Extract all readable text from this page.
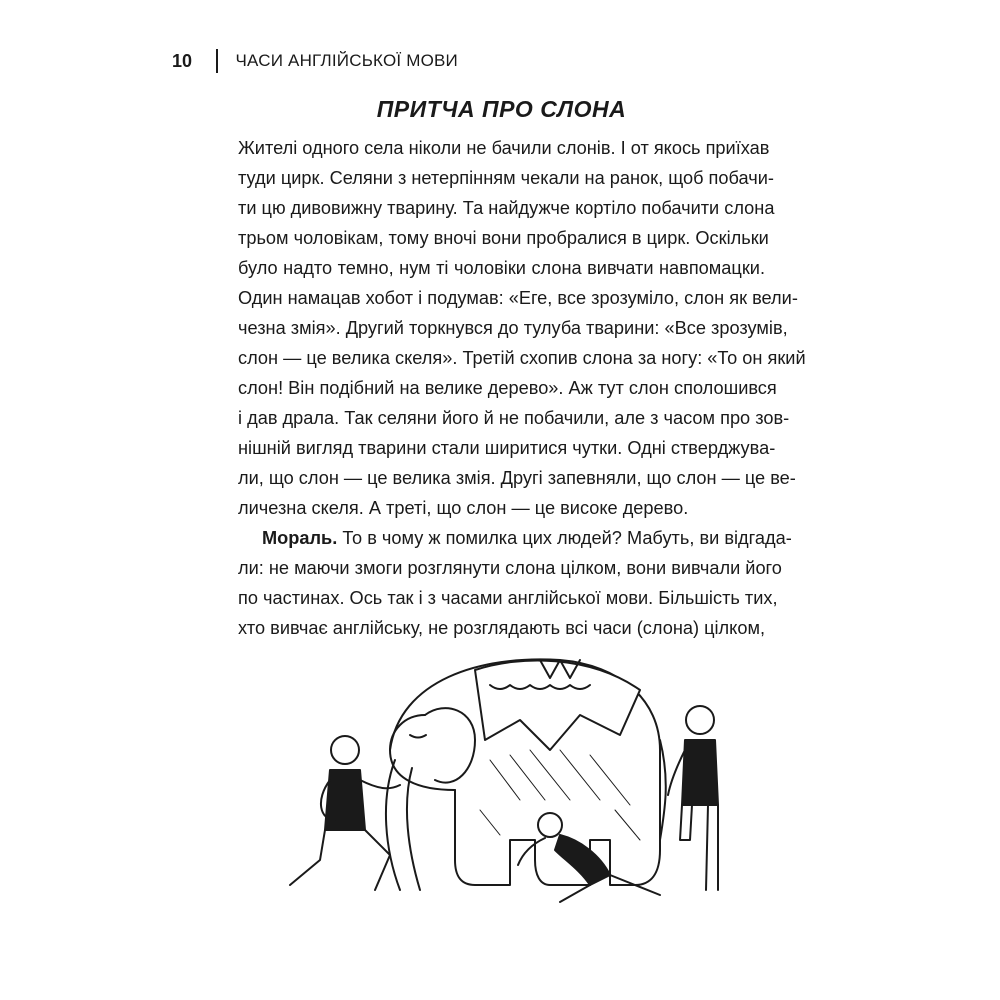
10	ЧАСИ АНГЛІЙСЬКОЇ МОВИ
ПРИТЧА ПРО СЛОНА
Жителі одного села ніколи не бачили слонів. І от якось приїхав
туди цирк. Селяни з нетерпінням чекали на ранок, щоб побачи-
ти цю дивовижну тварину. Та найдужче кортіло побачити слона
трьом чоловікам, тому вночі вони пробралися в цирк. Оскільки
було надто темно, нум ті чоловіки слона вивчати навпомацки.
Один намацав хобот і подумав: «Еге, все зрозуміло, слон як вели-
чезна змія». Другий торкнувся до тулуба тварини: «Все зрозумів,
слон — це велика скеля». Третій схопив слона за ногу: «То он який
слон! Він подібний на велике дерево». Аж тут слон сполошився
і дав драла. Так селяни його й не побачили, але з часом про зов-
нішній вигляд тварини стали ширитися чутки. Одні стверджува-
ли, що слон — це велика змія. Другі запевняли, що слон — це ве-
личезна скеля. А треті, що слон — це високе дерево.
Мораль. То в чому ж помилка цих людей? Мабуть, ви відгада-
ли: не маючи змоги розглянути слона цілком, вони вивчали його
по частинах. Ось так і з часами англійської мови. Більшість тих,
хто вивчає англійську, не розглядають всі часи (слона) цілком,
